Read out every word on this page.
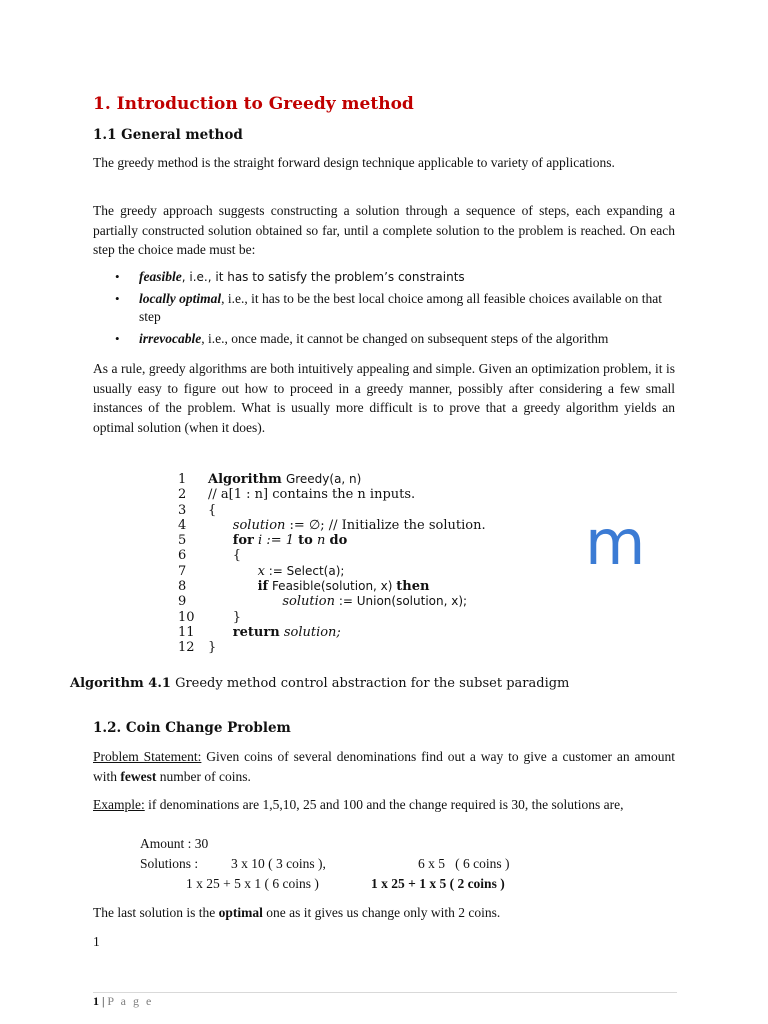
1. Introduction to Greedy method

1.1 General method

The greedy method is the straight forward design technique applicable to variety of applications.

The greedy approach suggests constructing a solution through a sequence of steps, each expanding a partially constructed solution obtained so far, until a complete solution to the problem is reached. On each step the choice made must be:

• feasible, i.e., it has to satisfy the problem’s constraints
• locally optimal, i.e., it has to be the best local choice among all feasible choices available on that step
• irrevocable, i.e., once made, it cannot be changed on subsequent steps of the algorithm

As a rule, greedy algorithms are both intuitively appealing and simple. Given an optimization problem, it is usually easy to figure out how to proceed in a greedy manner, possibly after considering a few small instances of the problem. What is usually more difficult is to prove that a greedy algorithm yields an optimal solution (when it does).

1	Algorithm Greedy(a, n)
2	// a[1 : n] contains the n inputs.
3	{
4	solution := ∅; // Initialize the solution.
5	for i := 1 to n do
6	{
7	x := Select(a);
8	if Feasible(solution, x) then
9	solution := Union(solution, x);
10	}
11	return solution;
12	}
m
Algorithm 4.1 Greedy method control abstraction for the subset paradigm

1.2. Coin Change Problem

Problem Statement: Given coins of several denominations find out a way to give a customer an amount with fewest number of coins.

Example: if denominations are 1,5,10, 25 and 100 and the change required is 30, the solutions are,

Amount : 30
Solutions : 3 x 10 ( 3 coins ),	6 x 5   ( 6 coins )
1 x 25 + 5 x 1 ( 6 coins )	1 x 25 + 1 x 5 ( 2 coins )

The last solution is the optimal one as it gives us change only with 2 coins.

1
1 | P a g e
